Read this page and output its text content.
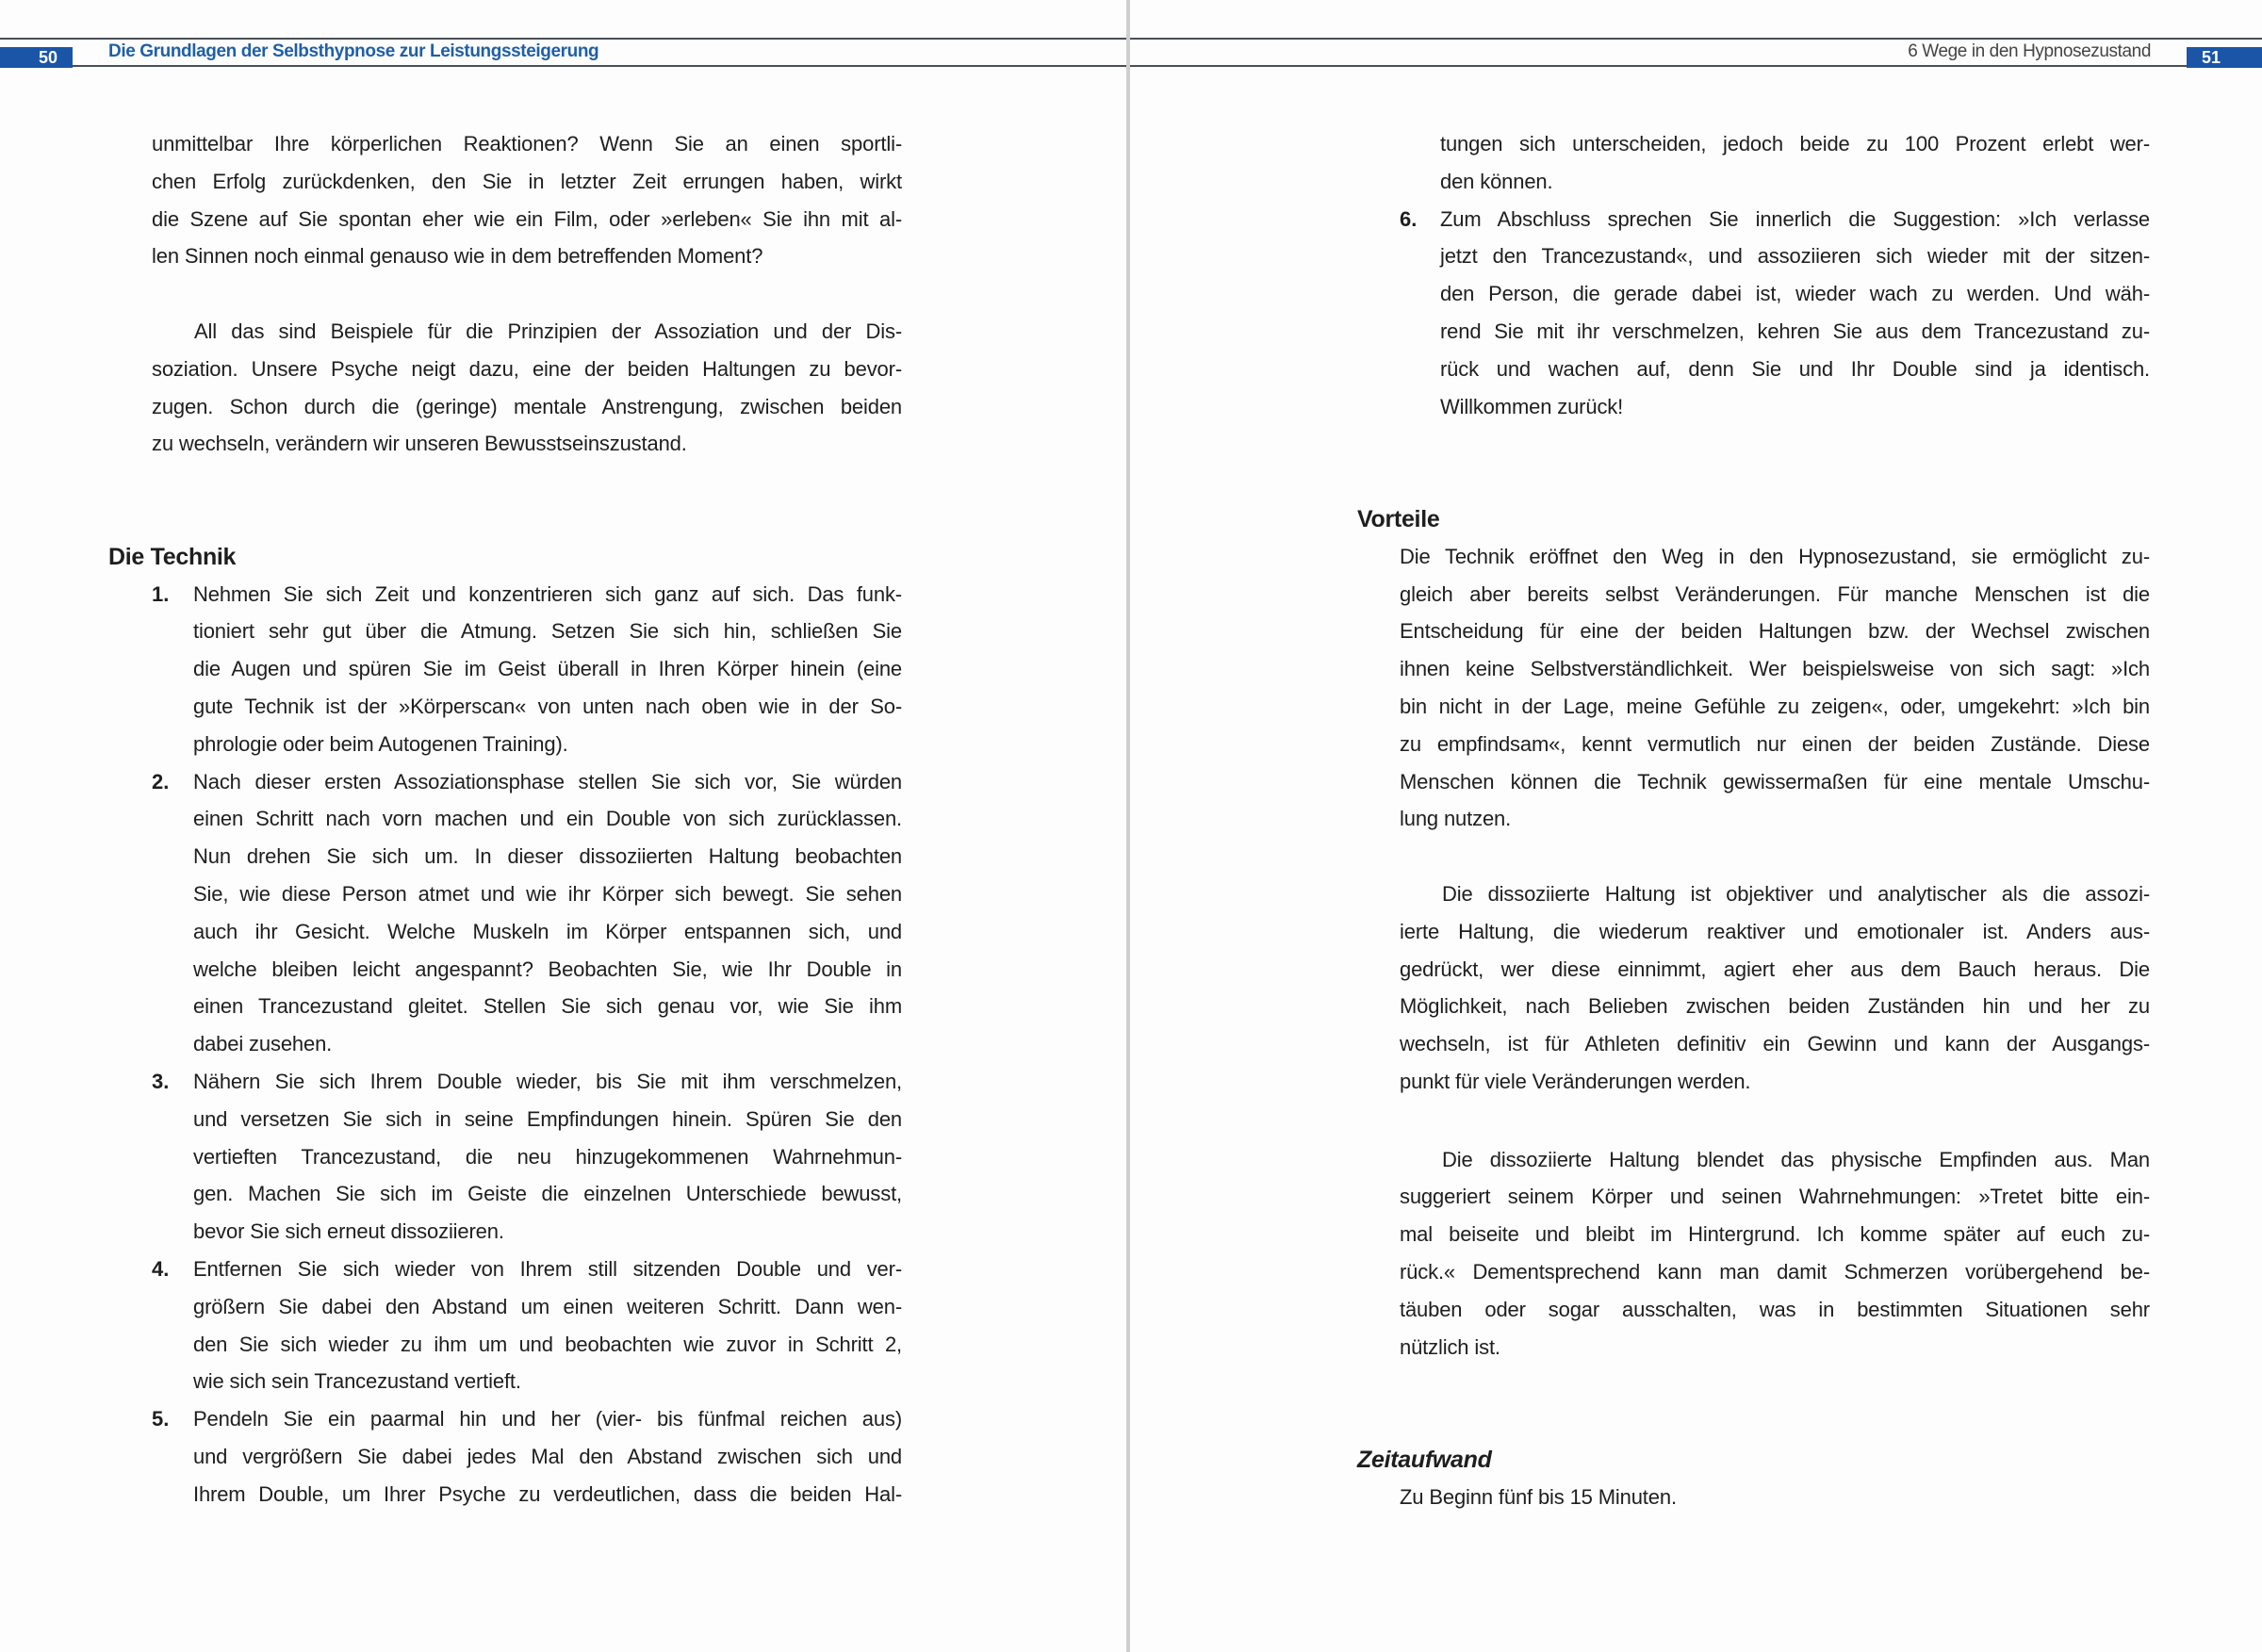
50	Die Grundlagen der Selbsthypnose zur Leistungssteigerung	6 Wege in den Hypnosezustand	51
unmittelbar Ihre körperlichen Reaktionen? Wenn Sie an einen sportli-
chen Erfolg zurückdenken, den Sie in letzter Zeit errungen haben, wirkt
die Szene auf Sie spontan eher wie ein Film, oder »erleben« Sie ihn mit al-
len Sinnen noch einmal genauso wie in dem betreffenden Moment?
All das sind Beispiele für die Prinzipien der Assoziation und der Dis-
soziation. Unsere Psyche neigt dazu, eine der beiden Haltungen zu bevor-
zugen. Schon durch die (geringe) mentale Anstrengung, zwischen beiden
zu wechseln, verändern wir unseren Bewusstseinszustand.
Die Technik
1. Nehmen Sie sich Zeit und konzentrieren sich ganz auf sich. Das funk-
tioniert sehr gut über die Atmung. Setzen Sie sich hin, schließen Sie
die Augen und spüren Sie im Geist überall in Ihren Körper hinein (eine
gute Technik ist der »Körperscan« von unten nach oben wie in der So-
phrologie oder beim Autogenen Training).
2. Nach dieser ersten Assoziationsphase stellen Sie sich vor, Sie würden
einen Schritt nach vorn machen und ein Double von sich zurücklassen.
Nun drehen Sie sich um. In dieser dissoziierten Haltung beobachten
Sie, wie diese Person atmet und wie ihr Körper sich bewegt. Sie sehen
auch ihr Gesicht. Welche Muskeln im Körper entspannen sich, und
welche bleiben leicht angespannt? Beobachten Sie, wie Ihr Double in
einen Trancezustand gleitet. Stellen Sie sich genau vor, wie Sie ihm
dabei zusehen.
3. Nähern Sie sich Ihrem Double wieder, bis Sie mit ihm verschmelzen,
und versetzen Sie sich in seine Empfindungen hinein. Spüren Sie den
vertieften Trancezustand, die neu hinzugekommenen Wahrnehmun-
gen. Machen Sie sich im Geiste die einzelnen Unterschiede bewusst,
bevor Sie sich erneut dissoziieren.
4. Entfernen Sie sich wieder von Ihrem still sitzenden Double und ver-
größern Sie dabei den Abstand um einen weiteren Schritt. Dann wen-
den Sie sich wieder zu ihm um und beobachten wie zuvor in Schritt 2,
wie sich sein Trancezustand vertieft.
5. Pendeln Sie ein paarmal hin und her (vier- bis fünfmal reichen aus)
und vergrößern Sie dabei jedes Mal den Abstand zwischen sich und
Ihrem Double, um Ihrer Psyche zu verdeutlichen, dass die beiden Hal-
tungen sich unterscheiden, jedoch beide zu 100 Prozent erlebt wer-
den können.
6. Zum Abschluss sprechen Sie innerlich die Suggestion: »Ich verlasse
jetzt den Trancezustand«, und assoziieren sich wieder mit der sitzen-
den Person, die gerade dabei ist, wieder wach zu werden. Und wäh-
rend Sie mit ihr verschmelzen, kehren Sie aus dem Trancezustand zu-
rück und wachen auf, denn Sie und Ihr Double sind ja identisch.
Willkommen zurück!
Vorteile
Die Technik eröffnet den Weg in den Hypnosezustand, sie ermöglicht zu-
gleich aber bereits selbst Veränderungen. Für manche Menschen ist die
Entscheidung für eine der beiden Haltungen bzw. der Wechsel zwischen
ihnen keine Selbstverständlichkeit. Wer beispielsweise von sich sagt: »Ich
bin nicht in der Lage, meine Gefühle zu zeigen«, oder, umgekehrt: »Ich bin
zu empfindsam«, kennt vermutlich nur einen der beiden Zustände. Diese
Menschen können die Technik gewissermaßen für eine mentale Umschu-
lung nutzen.
Die dissoziierte Haltung ist objektiver und analytischer als die assozi-
ierte Haltung, die wiederum reaktiver und emotionaler ist. Anders aus-
gedrückt, wer diese einnimmt, agiert eher aus dem Bauch heraus. Die
Möglichkeit, nach Belieben zwischen beiden Zuständen hin und her zu
wechseln, ist für Athleten definitiv ein Gewinn und kann der Ausgangs-
punkt für viele Veränderungen werden.
Die dissoziierte Haltung blendet das physische Empfinden aus. Man
suggeriert seinem Körper und seinen Wahrnehmungen: »Tretet bitte ein-
mal beiseite und bleibt im Hintergrund. Ich komme später auf euch zu-
rück.« Dementsprechend kann man damit Schmerzen vorübergehend be-
täuben oder sogar ausschalten, was in bestimmten Situationen sehr
nützlich ist.
Zeitaufwand
Zu Beginn fünf bis 15 Minuten.
